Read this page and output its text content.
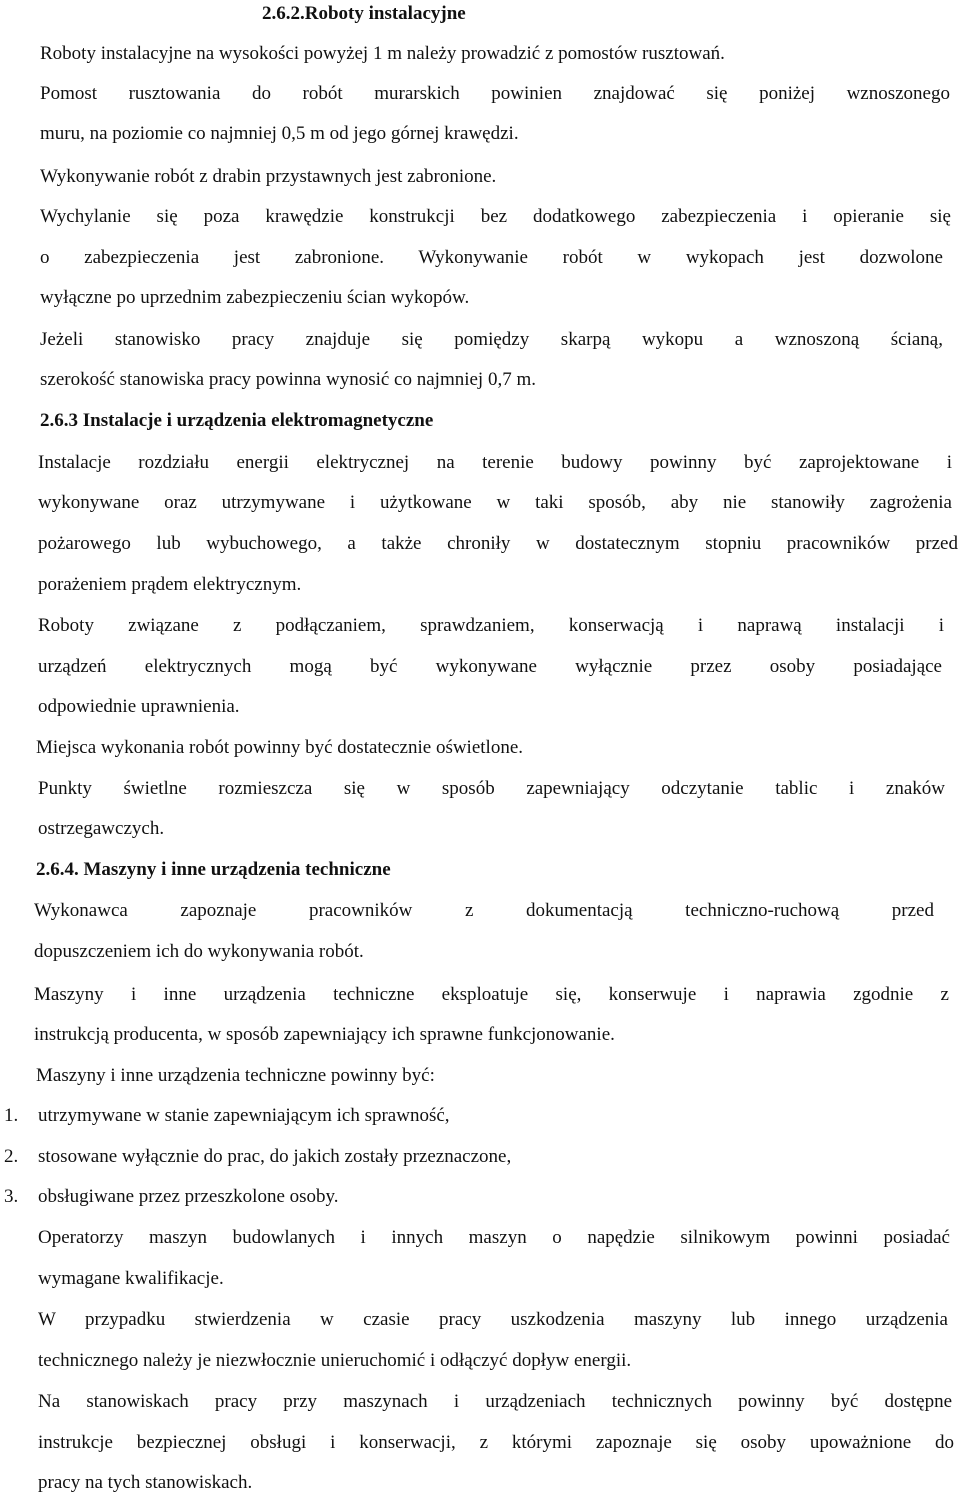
2.6.2.Roboty instalacyjne
Roboty instalacyjne na wysokości powyżej 1 m należy prowadzić z pomostów rusztowań.
Pomost rusztowania do robót murarskich powinien znajdować się poniżej wznoszonego
muru, na poziomie co najmniej 0,5 m od jego górnej krawędzi.
Wykonywanie robót z drabin przystawnych jest zabronione.
Wychylanie się poza krawędzie konstrukcji bez dodatkowego zabezpieczenia i opieranie się
o zabezpieczenia jest zabronione. Wykonywanie robót w wykopach jest dozwolone
wyłączne po uprzednim zabezpieczeniu ścian wykopów.
Jeżeli stanowisko pracy znajduje się pomiędzy skarpą wykopu a wznoszoną ścianą,
szerokość stanowiska pracy powinna wynosić co najmniej 0,7 m.
2.6.3 Instalacje i urządzenia elektromagnetyczne
Instalacje rozdziału energii elektrycznej na terenie budowy powinny być zaprojektowane i
wykonywane oraz utrzymywane i użytkowane w taki sposób, aby nie stanowiły zagrożenia
pożarowego lub wybuchowego, a także chroniły w dostatecznym stopniu pracowników przed
porażeniem prądem elektrycznym.
Roboty związane z podłączaniem, sprawdzaniem, konserwacją i naprawą instalacji i
urządzeń elektrycznych mogą być wykonywane wyłącznie przez osoby posiadające
odpowiednie uprawnienia.
Miejsca wykonania robót powinny być dostatecznie oświetlone.
Punkty świetlne rozmieszcza się w sposób zapewniający odczytanie tablic i znaków
ostrzegawczych.
2.6.4. Maszyny i inne urządzenia techniczne
Wykonawca zapoznaje pracowników z dokumentacją techniczno-ruchową przed
dopuszczeniem ich do wykonywania robót.
Maszyny i inne urządzenia techniczne eksploatuje się, konserwuje i naprawia zgodnie z
instrukcją producenta, w sposób zapewniający ich sprawne funkcjonowanie.
Maszyny i inne urządzenia techniczne powinny być:
1. utrzymywane w stanie zapewniającym ich sprawność,
2. stosowane wyłącznie do prac, do jakich zostały przeznaczone,
3. obsługiwane przez przeszkolone osoby.
Operatorzy maszyn budowlanych i innych maszyn o napędzie silnikowym powinni posiadać
wymagane kwalifikacje.
W przypadku stwierdzenia w czasie pracy uszkodzenia maszyny lub innego urządzenia
technicznego należy je niezwłocznie unieruchomić i odłączyć dopływ energii.
Na stanowiskach pracy przy maszynach i urządzeniach technicznych powinny być dostępne
instrukcje bezpiecznej obsługi i konserwacji, z którymi zapoznaje się osoby upoważnione do
pracy na tych stanowiskach.
